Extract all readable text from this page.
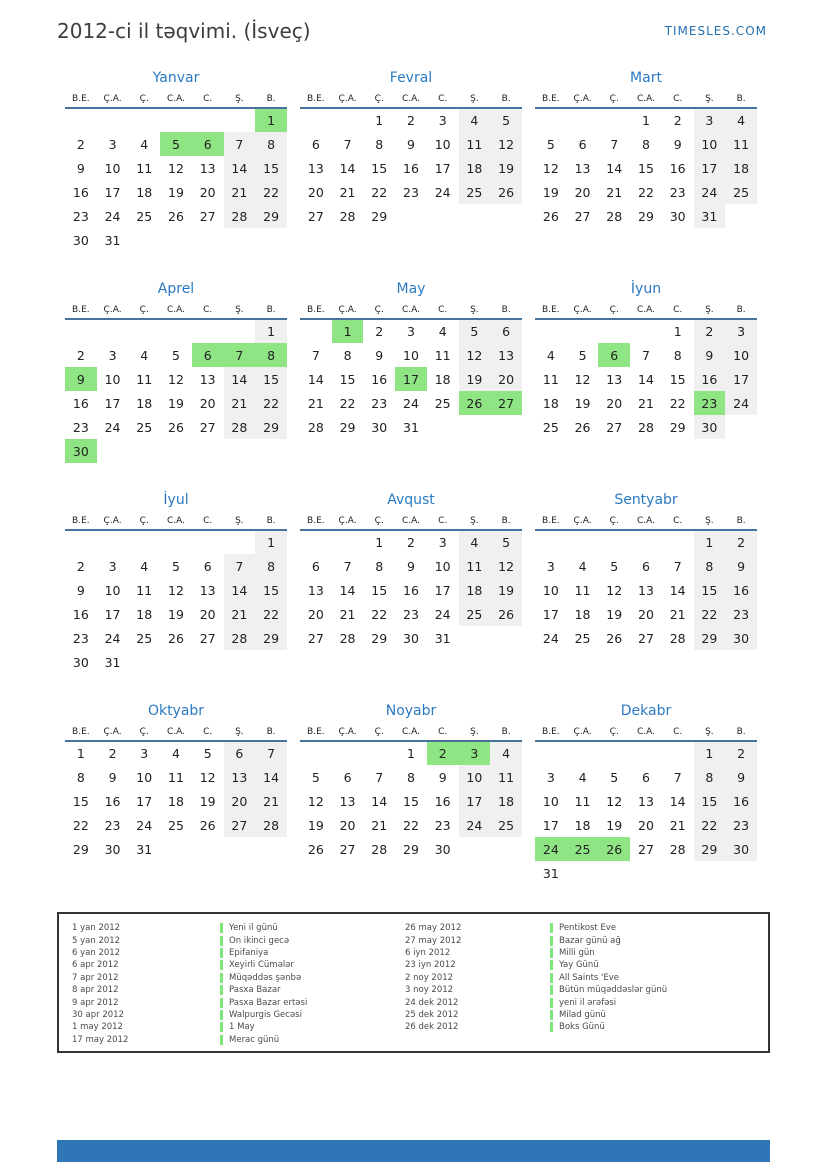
2012-ci il təqvimi. (İsveç)	TIMESLES.COM
Yanvar
B.E.	Ç.A.	Ç.	C.A.	C.	Ş.	B.
						1
2	3	4	5	6	7	8
9	10	11	12	13	14	15
16	17	18	19	20	21	22
23	24	25	26	27	28	29
30	31					
Fevral
B.E.	Ç.A.	Ç.	C.A.	C.	Ş.	B.
		1	2	3	4	5
6	7	8	9	10	11	12
13	14	15	16	17	18	19
20	21	22	23	24	25	26
27	28	29				
Mart
B.E.	Ç.A.	Ç.	C.A.	C.	Ş.	B.
			1	2	3	4
5	6	7	8	9	10	11
12	13	14	15	16	17	18
19	20	21	22	23	24	25
26	27	28	29	30	31	
Aprel
B.E.	Ç.A.	Ç.	C.A.	C.	Ş.	B.
						1
2	3	4	5	6	7	8
9	10	11	12	13	14	15
16	17	18	19	20	21	22
23	24	25	26	27	28	29
30						
May
B.E.	Ç.A.	Ç.	C.A.	C.	Ş.	B.
	1	2	3	4	5	6
7	8	9	10	11	12	13
14	15	16	17	18	19	20
21	22	23	24	25	26	27
28	29	30	31			
İyun
B.E.	Ç.A.	Ç.	C.A.	C.	Ş.	B.
				1	2	3
4	5	6	7	8	9	10
11	12	13	14	15	16	17
18	19	20	21	22	23	24
25	26	27	28	29	30	
İyul
B.E.	Ç.A.	Ç.	C.A.	C.	Ş.	B.
						1
2	3	4	5	6	7	8
9	10	11	12	13	14	15
16	17	18	19	20	21	22
23	24	25	26	27	28	29
30	31					
Avqust
B.E.	Ç.A.	Ç.	C.A.	C.	Ş.	B.
		1	2	3	4	5
6	7	8	9	10	11	12
13	14	15	16	17	18	19
20	21	22	23	24	25	26
27	28	29	30	31		
Sentyabr
B.E.	Ç.A.	Ç.	C.A.	C.	Ş.	B.
					1	2
3	4	5	6	7	8	9
10	11	12	13	14	15	16
17	18	19	20	21	22	23
24	25	26	27	28	29	30
Oktyabr
B.E.	Ç.A.	Ç.	C.A.	C.	Ş.	B.
1	2	3	4	5	6	7
8	9	10	11	12	13	14
15	16	17	18	19	20	21
22	23	24	25	26	27	28
29	30	31				
Noyabr
B.E.	Ç.A.	Ç.	C.A.	C.	Ş.	B.
			1	2	3	4
5	6	7	8	9	10	11
12	13	14	15	16	17	18
19	20	21	22	23	24	25
26	27	28	29	30		
Dekabr
B.E.	Ç.A.	Ç.	C.A.	C.	Ş.	B.
					1	2
3	4	5	6	7	8	9
10	11	12	13	14	15	16
17	18	19	20	21	22	23
24	25	26	27	28	29	30
31						
1 yan 2012	Yeni il günü
5 yan 2012	On ikinci gecə
6 yan 2012	Epifaniya
6 apr 2012	Xeyirli Cümələr
7 apr 2012	Müqəddəs şənbə
8 apr 2012	Pasxa Bazar
9 apr 2012	Pasxa Bazar ertəsi
30 apr 2012	Walpurgis Gecəsi
1 may 2012	1 May
17 may 2012	Merac günü
26 may 2012	Pentikost Eve
27 may 2012	Bazar günü ağ
6 iyn 2012	Milli gün
23 iyn 2012	Yay Günü
2 noy 2012	All Saints 'Eve
3 noy 2012	Bütün müqəddəslər günü
24 dek 2012	yeni il ərəfəsi
25 dek 2012	Milad günü
26 dek 2012	Boks Günü
